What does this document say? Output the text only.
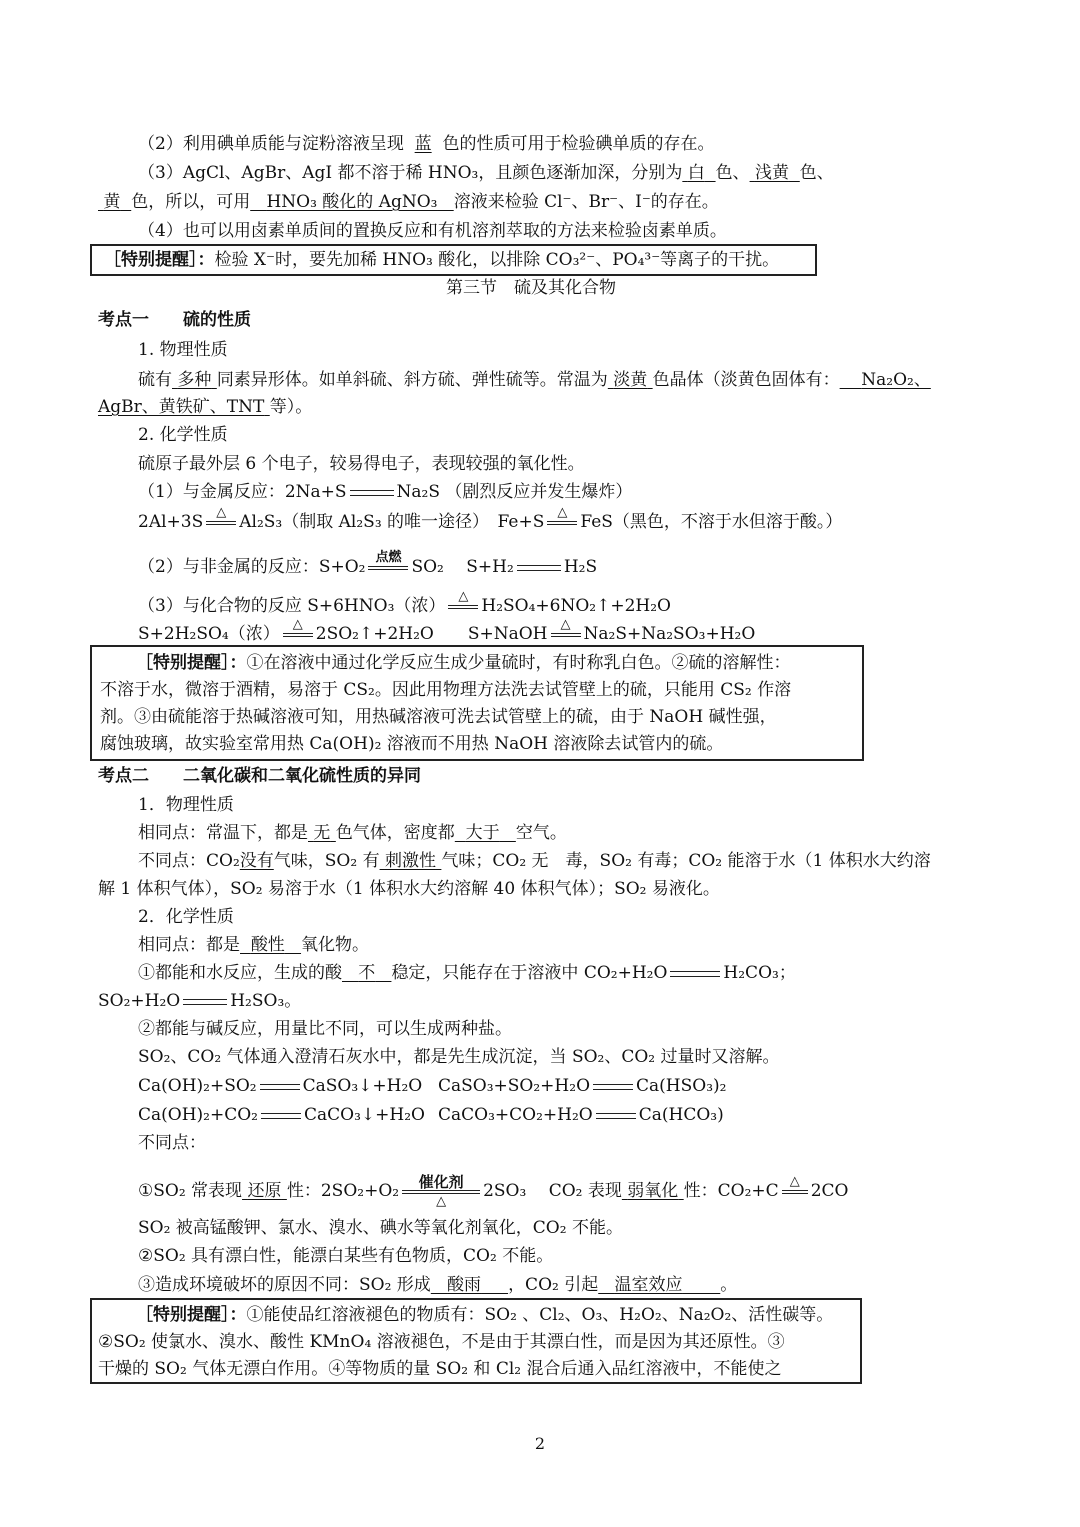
（2）利用碘单质能与淀粉溶液呈现 蓝 色的性质可用于检验碘单质的存在。
（3）AgCl、AgBr、AgI 都不溶于稀 HNO₃，且颜色逐渐加深，分别为 白 色、 浅黄 色、
黄 色，所以，可用 HNO₃ 酸化的 AgNO₃ 溶液来检验 Cl⁻、Br⁻、I⁻的存在。
（4）也可以用卤素单质间的置换反应和有机溶剂萃取的方法来检验卤素单质。
［特别提醒］：检验 X⁻时，要先加稀 HNO₃ 酸化，以排除 CO₃²⁻、PO₄³⁻等离子的干扰。
第三节　硫及其化合物
考点一　　硫的性质
1. 物理性质
硫有 多种 同素异形体。如单斜硫、斜方硫、弹性硫等。常温为 淡黄 色晶体（淡黄色固体有： Na₂O₂、
AgBr、黄铁矿、TNT 等）。
2. 化学性质
硫原子最外层 6 个电子，较易得电子，表现较强的氧化性。
（1）与金属反应：2Na+S	Na₂S （剧烈反应并发生爆炸）
2Al+3S △ Al₂S₃（制取 Al₂S₃ 的唯一途径）　Fe+S △ FeS（黑色，不溶于水但溶于酸。）
（2）与非金属的反应：S+O₂ 点燃 SO₂　 S+H₂	H₂S
（3）与化合物的反应 S+6HNO₃（浓） △ H₂SO₄+6NO₂↑+2H₂O
S+2H₂SO₄（浓） △ 2SO₂↑+2H₂O　　S+NaOH △ Na₂S+Na₂SO₃+H₂O
［特别提醒］：①在溶液中通过化学反应生成少量硫时，有时称乳白色。②硫的溶解性：
不溶于水，微溶于酒精，易溶于 CS₂。因此用物理方法洗去试管壁上的硫，只能用 CS₂ 作溶
剂。③由硫能溶于热碱溶液可知，用热碱溶液可洗去试管壁上的硫，由于 NaOH 碱性强，
腐蚀玻璃，故实验室常用热 Ca(OH)₂ 溶液而不用热 NaOH 溶液除去试管内的硫。
考点二　　二氧化碳和二氧化硫性质的异同
1．物理性质
相同点：常温下，都是 无 色气体，密度都 大于 空气。
不同点：CO₂没有气味，SO₂ 有 刺激性 气味；CO₂ 无　毒，SO₂ 有毒；CO₂ 能溶于水（1 体积水大约溶
解 1 体积气体），SO₂ 易溶于水（1 体积水大约溶解 40 体积气体）；SO₂ 易液化。
2．化学性质
相同点：都是 酸性 氧化物。
①都能和水反应，生成的酸 不 稳定，只能存在于溶液中 CO₂+H₂O	H₂CO₃；
SO₂+H₂O	H₂SO₃。
②都能与碱反应，用量比不同，可以生成两种盐。
SO₂、CO₂ 气体通入澄清石灰水中，都是先生成沉淀，当 SO₂、CO₂ 过量时又溶解。
Ca(OH)₂+SO₂	CaSO₃↓+H₂O CaSO₃+SO₂+H₂O	Ca(HSO₃)₂
Ca(OH)₂+CO₂	CaCO₃↓+H₂O CaCO₃+CO₂+H₂O	Ca(HCO₃)
不同点：
①SO₂ 常表现 还原 性：2SO₂+O₂ 催化剂
△ 2SO₃　 CO₂ 表现 弱氧化 性：CO₂+C △ 2CO
SO₂ 被高锰酸钾、氯水、溴水、碘水等氧化剂氧化，CO₂ 不能。
②SO₂ 具有漂白性，能漂白某些有色物质，CO₂ 不能。
③造成环境破坏的原因不同：SO₂ 形成 酸雨 ，CO₂ 引起 温室效应 。
［特别提醒］：①能使品红溶液褪色的物质有：SO₂ 、Cl₂、O₃、H₂O₂、Na₂O₂、活性碳等。
②SO₂ 使氯水、溴水、酸性 KMnO₄ 溶液褪色，不是由于其漂白性，而是因为其还原性。③
干燥的 SO₂ 气体无漂白作用。④等物质的量 SO₂ 和 Cl₂ 混合后通入品红溶液中，不能使之
2
